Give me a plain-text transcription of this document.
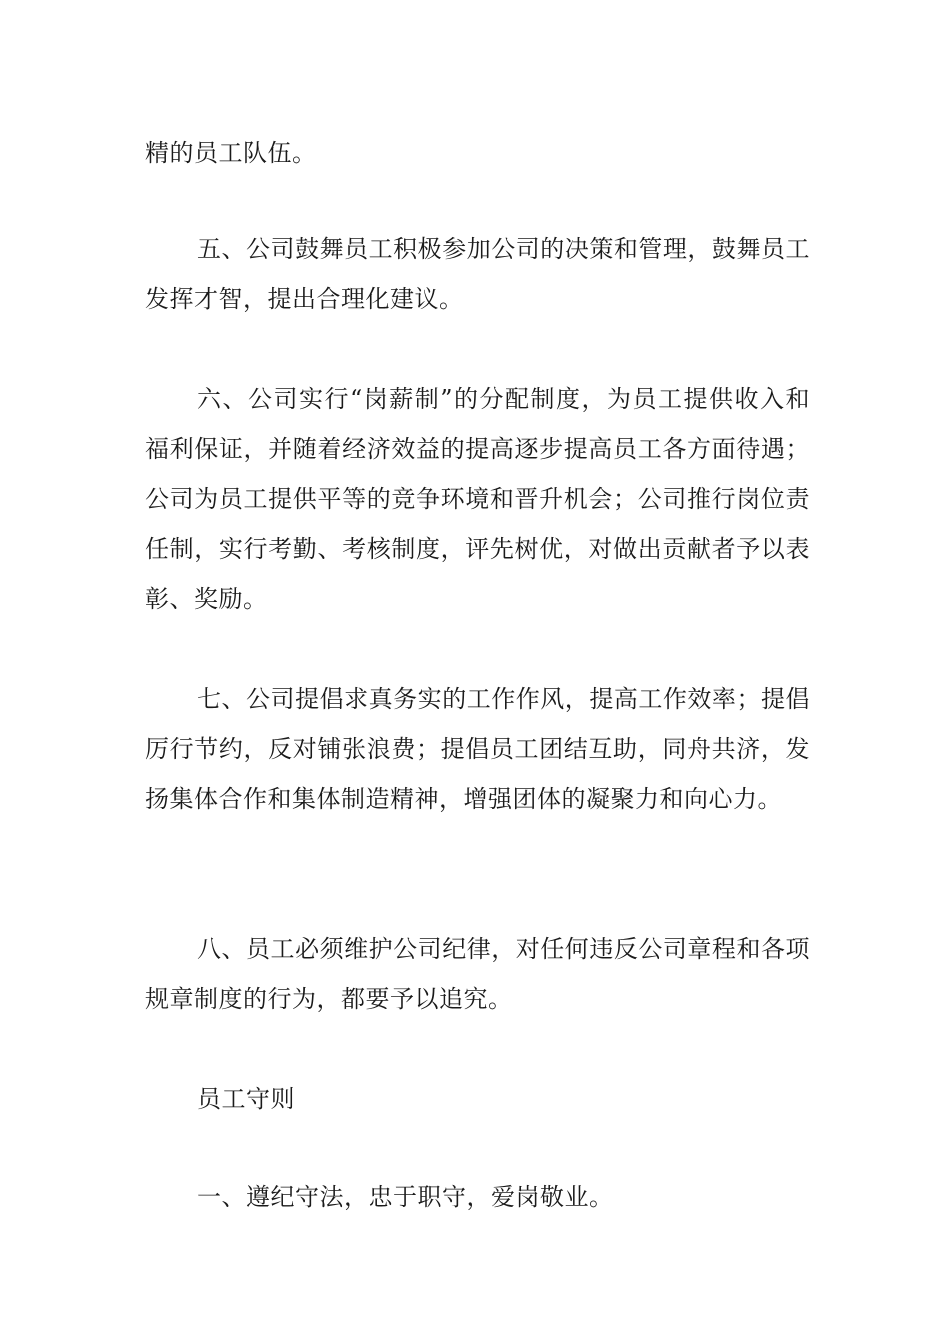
精的员工队伍。

五、公司鼓舞员工积极参加公司的决策和管理，鼓舞员工发挥才智，提出合理化建议。

六、公司实行“岗薪制”的分配制度，为员工提供收入和福利保证，并随着经济效益的提高逐步提高员工各方面待遇；公司为员工提供平等的竞争环境和晋升机会；公司推行岗位责任制，实行考勤、考核制度，评先树优，对做出贡献者予以表彰、奖励。

七、公司提倡求真务实的工作作风，提高工作效率；提倡厉行节约，反对铺张浪费；提倡员工团结互助，同舟共济，发扬集体合作和集体制造精神，增强团体的凝聚力和向心力。

八、员工必须维护公司纪律，对任何违反公司章程和各项规章制度的行为，都要予以追究。

员工守则

一、遵纪守法，忠于职守，爱岗敬业。
